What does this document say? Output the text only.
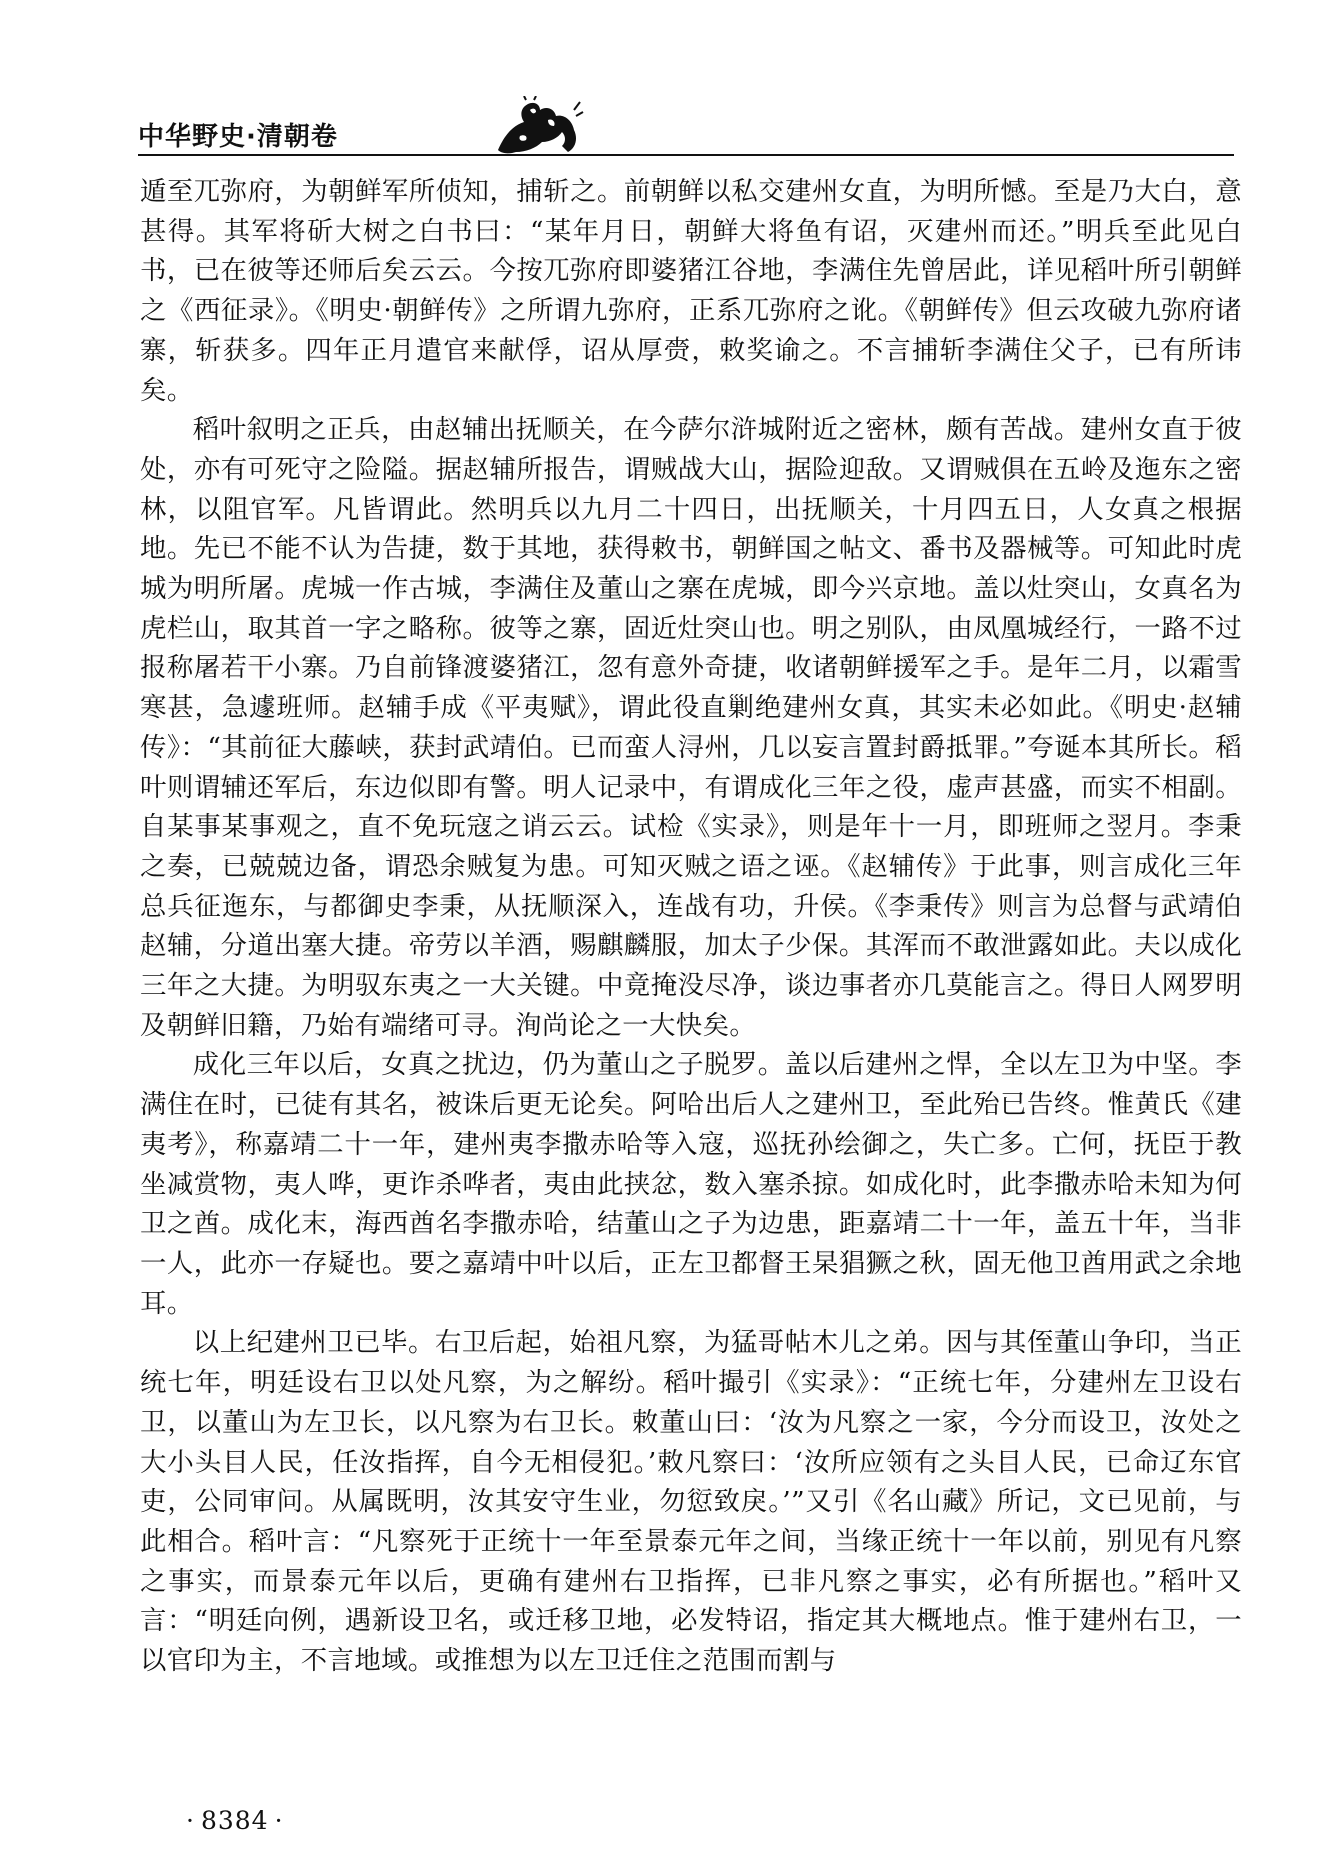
中华野史·清朝卷

遁至兀弥府，为朝鲜军所侦知，捕斩之。前朝鲜以私交建州女直，为明所憾。至是乃大白，意甚得。其军将斫大树之白书曰：“某年月日，朝鲜大将鱼有诏，灭建州而还。”明兵至此见白书，已在彼等还师后矣云云。今按兀弥府即婆猪江谷地，李满住先曾居此，详见稻叶所引朝鲜之《西征录》。《明史·朝鲜传》之所谓九弥府，正系兀弥府之讹。《朝鲜传》但云攻破九弥府诸寨，斩获多。四年正月遣官来献俘，诏从厚赍，敕奖谕之。不言捕斩李满住父子，已有所讳矣。

稻叶叙明之正兵，由赵辅出抚顺关，在今萨尔浒城附近之密林，颇有苦战。建州女直于彼处，亦有可死守之险隘。据赵辅所报告，谓贼战大山，据险迎敌。又谓贼俱在五岭及迤东之密林，以阻官军。凡皆谓此。然明兵以九月二十四日，出抚顺关，十月四五日，人女真之根据地。先已不能不认为告捷，数于其地，获得敕书，朝鲜国之帖文、番书及器械等。可知此时虎城为明所屠。虎城一作古城，李满住及董山之寨在虎城，即今兴京地。盖以灶突山，女真名为虎栏山，取其首一字之略称。彼等之寨，固近灶突山也。明之别队，由凤凰城经行，一路不过报称屠若干小寨。乃自前锋渡婆猪江，忽有意外奇捷，收诸朝鲜援军之手。是年二月，以霜雪寒甚，急遽班师。赵辅手成《平夷赋》，谓此役直剿绝建州女真，其实未必如此。《明史·赵辅传》：“其前征大藤峡，获封武靖伯。已而蛮人浔州，几以妄言置封爵抵罪。”夸诞本其所长。稻叶则谓辅还军后，东边似即有警。明人记录中，有谓成化三年之役，虚声甚盛，而实不相副。自某事某事观之，直不免玩寇之诮云云。试检《实录》，则是年十一月，即班师之翌月。李秉之奏，已兢兢边备，谓恐余贼复为患。可知灭贼之语之诬。《赵辅传》于此事，则言成化三年总兵征迤东，与都御史李秉，从抚顺深入，连战有功，升侯。《李秉传》则言为总督与武靖伯赵辅，分道出塞大捷。帝劳以羊酒，赐麒麟服，加太子少保。其浑而不敢泄露如此。夫以成化三年之大捷。为明驭东夷之一大关键。中竟掩没尽净，谈边事者亦几莫能言之。得日人网罗明及朝鲜旧籍，乃始有端绪可寻。洵尚论之一大快矣。

成化三年以后，女真之扰边，仍为董山之子脱罗。盖以后建州之悍，全以左卫为中坚。李满住在时，已徒有其名，被诛后更无论矣。阿哈出后人之建州卫，至此殆已告终。惟黄氏《建夷考》，称嘉靖二十一年，建州夷李撒赤哈等入寇，巡抚孙绘御之，失亡多。亡何，抚臣于教坐减赏物，夷人哗，更诈杀哗者，夷由此挟忿，数入塞杀掠。如成化时，此李撒赤哈未知为何卫之酋。成化末，海西酋名李撒赤哈，结董山之子为边患，距嘉靖二十一年，盖五十年，当非一人，此亦一存疑也。要之嘉靖中叶以后，正左卫都督王杲猖獗之秋，固无他卫酋用武之余地耳。

以上纪建州卫已毕。右卫后起，始祖凡察，为猛哥帖木儿之弟。因与其侄董山争印，当正统七年，明廷设右卫以处凡察，为之解纷。稻叶撮引《实录》：“正统七年，分建州左卫设右卫，以董山为左卫长，以凡察为右卫长。敕董山曰：‘汝为凡察之一家，今分而设卫，汝处之大小头目人民，任汝指挥，自今无相侵犯。’敕凡察曰：‘汝所应领有之头目人民，已命辽东官吏，公同审问。从属既明，汝其安守生业，勿愆致戾。’”又引《名山藏》所记，文已见前，与此相合。稻叶言：“凡察死于正统十一年至景泰元年之间，当缘正统十一年以前，别见有凡察之事实，而景泰元年以后，更确有建州右卫指挥，已非凡察之事实，必有所据也。”稻叶又言：“明廷向例，遇新设卫名，或迁移卫地，必发特诏，指定其大概地点。惟于建州右卫，一以官印为主，不言地域。或推想为以左卫迁住之范围而割与

· 8384 ·
